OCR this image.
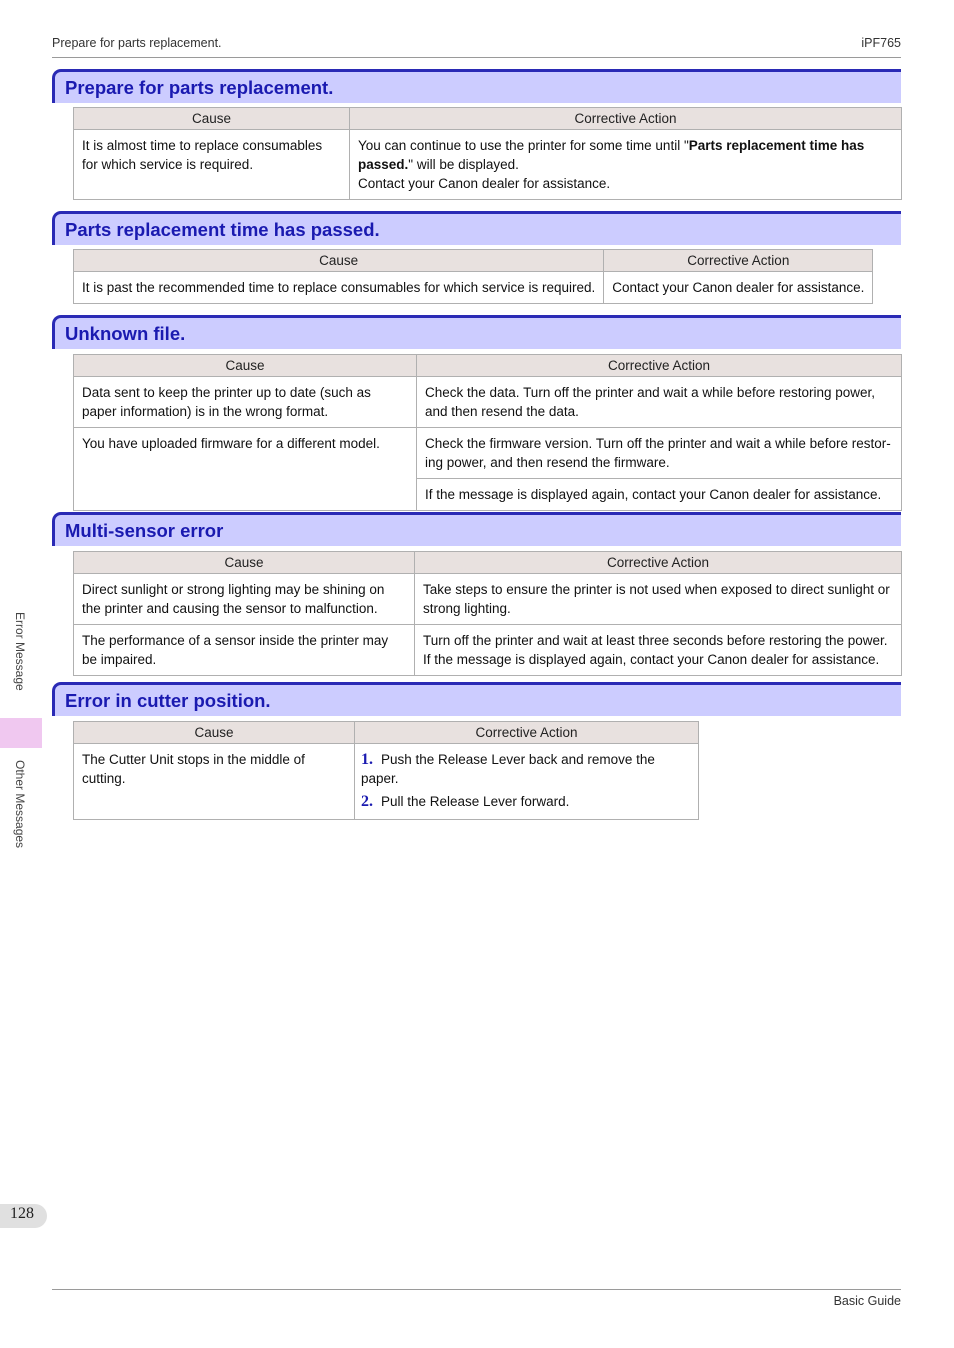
Prepare for parts replacement.	iPF765
Prepare for parts replacement.
Cause	Corrective Action
It is almost time to replace consumables for which service is required.	You can continue to use the printer for some time until "Parts replacement time has passed." will be displayed.
Contact your Canon dealer for assistance.
Parts replacement time has passed.
Cause	Corrective Action
It is past the recommended time to replace consumables for which service is required.	Contact your Canon dealer for assistance.
Unknown file.
Cause	Corrective Action
Data sent to keep the printer up to date (such as paper information) is in the wrong format.	Check the data. Turn off the printer and wait a while before restoring power, and then resend the data.
You have uploaded firmware for a different model.	Check the firmware version. Turn off the printer and wait a while before restor-ing power, and then resend the firmware.
	If the message is displayed again, contact your Canon dealer for assistance.
Multi-sensor error
Cause	Corrective Action
Direct sunlight or strong lighting may be shining on the printer and causing the sensor to malfunction.	Take steps to ensure the printer is not used when exposed to direct sunlight or strong lighting.
The performance of a sensor inside the printer may be impaired.	Turn off the printer and wait at least three seconds before restoring the power.
If the message is displayed again, contact your Canon dealer for assistance.
Error in cutter position.
Cause	Corrective Action
The Cutter Unit stops in the middle of cutting.	1. Push the Release Lever back and remove the paper.
2. Pull the Release Lever forward.
Error Message
Other Messages
128
Basic Guide
